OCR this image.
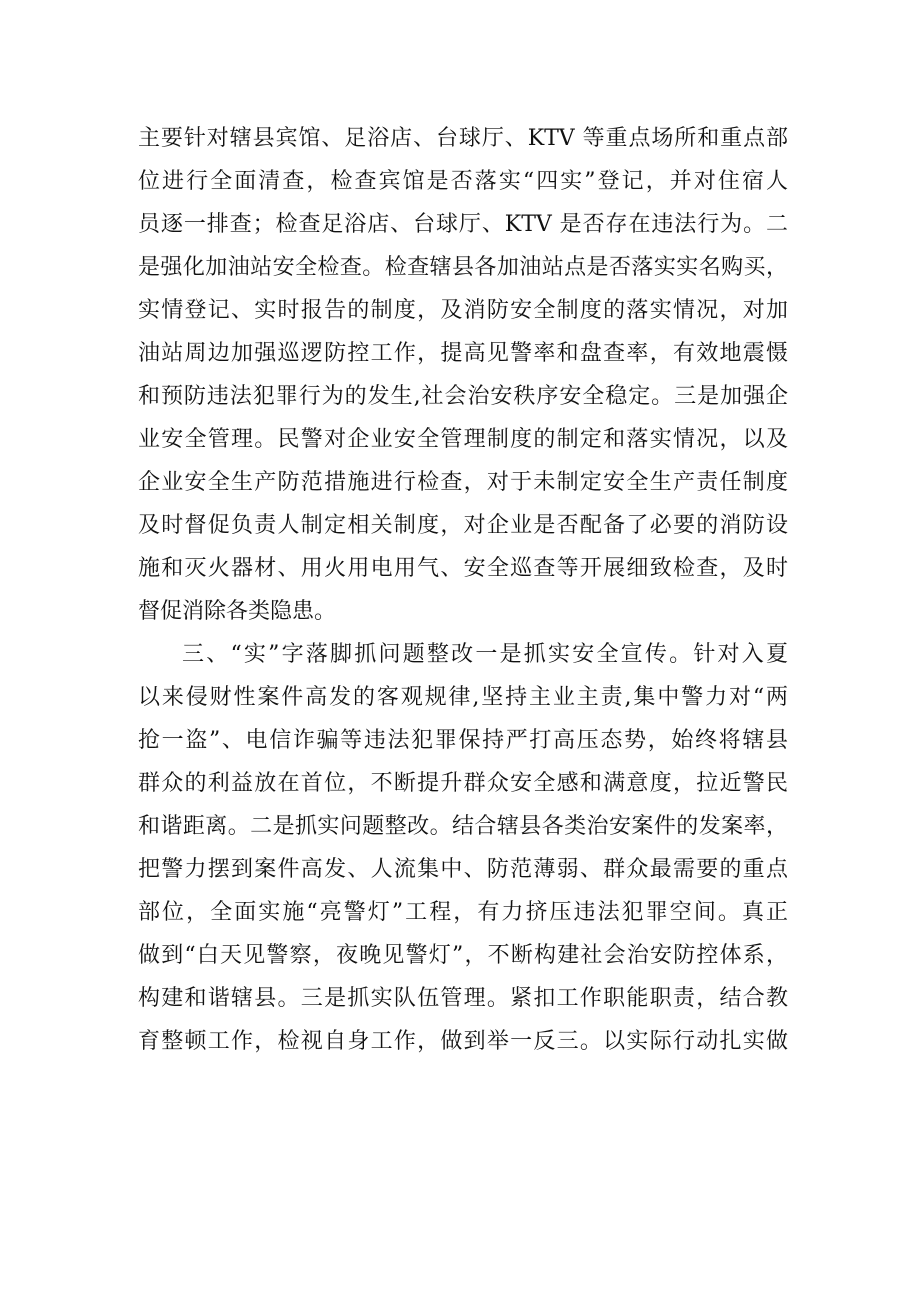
主要针对辖县宾馆、足浴店、台球厅、KTV 等重点场所和重点部
位进行全面清查，检查宾馆是否落实“四实”登记，并对住宿人
员逐一排查；检查足浴店、台球厅、KTV 是否存在违法行为。二
是强化加油站安全检查。检查辖县各加油站点是否落实实名购买，
实情登记、实时报告的制度，及消防安全制度的落实情况，对加
油站周边加强巡逻防控工作，提高见警率和盘查率，有效地震慑
和预防违法犯罪行为的发生,社会治安秩序安全稳定。三是加强企
业安全管理。民警对企业安全管理制度的制定和落实情况，以及
企业安全生产防范措施进行检查，对于未制定安全生产责任制度
及时督促负责人制定相关制度，对企业是否配备了必要的消防设
施和灭火器材、用火用电用气、安全巡查等开展细致检查，及时
督促消除各类隐患。
三、“实”字落脚抓问题整改一是抓实安全宣传。针对入夏
以来侵财性案件高发的客观规律,坚持主业主责,集中警力对“两
抢一盗”、电信诈骗等违法犯罪保持严打高压态势，始终将辖县
群众的利益放在首位，不断提升群众安全感和满意度，拉近警民
和谐距离。二是抓实问题整改。结合辖县各类治安案件的发案率，
把警力摆到案件高发、人流集中、防范薄弱、群众最需要的重点
部位，全面实施“亮警灯”工程，有力挤压违法犯罪空间。真正
做到“白天见警察，夜晚见警灯”，不断构建社会治安防控体系，
构建和谐辖县。三是抓实队伍管理。紧扣工作职能职责，结合教
育整顿工作，检视自身工作，做到举一反三。以实际行动扎实做
